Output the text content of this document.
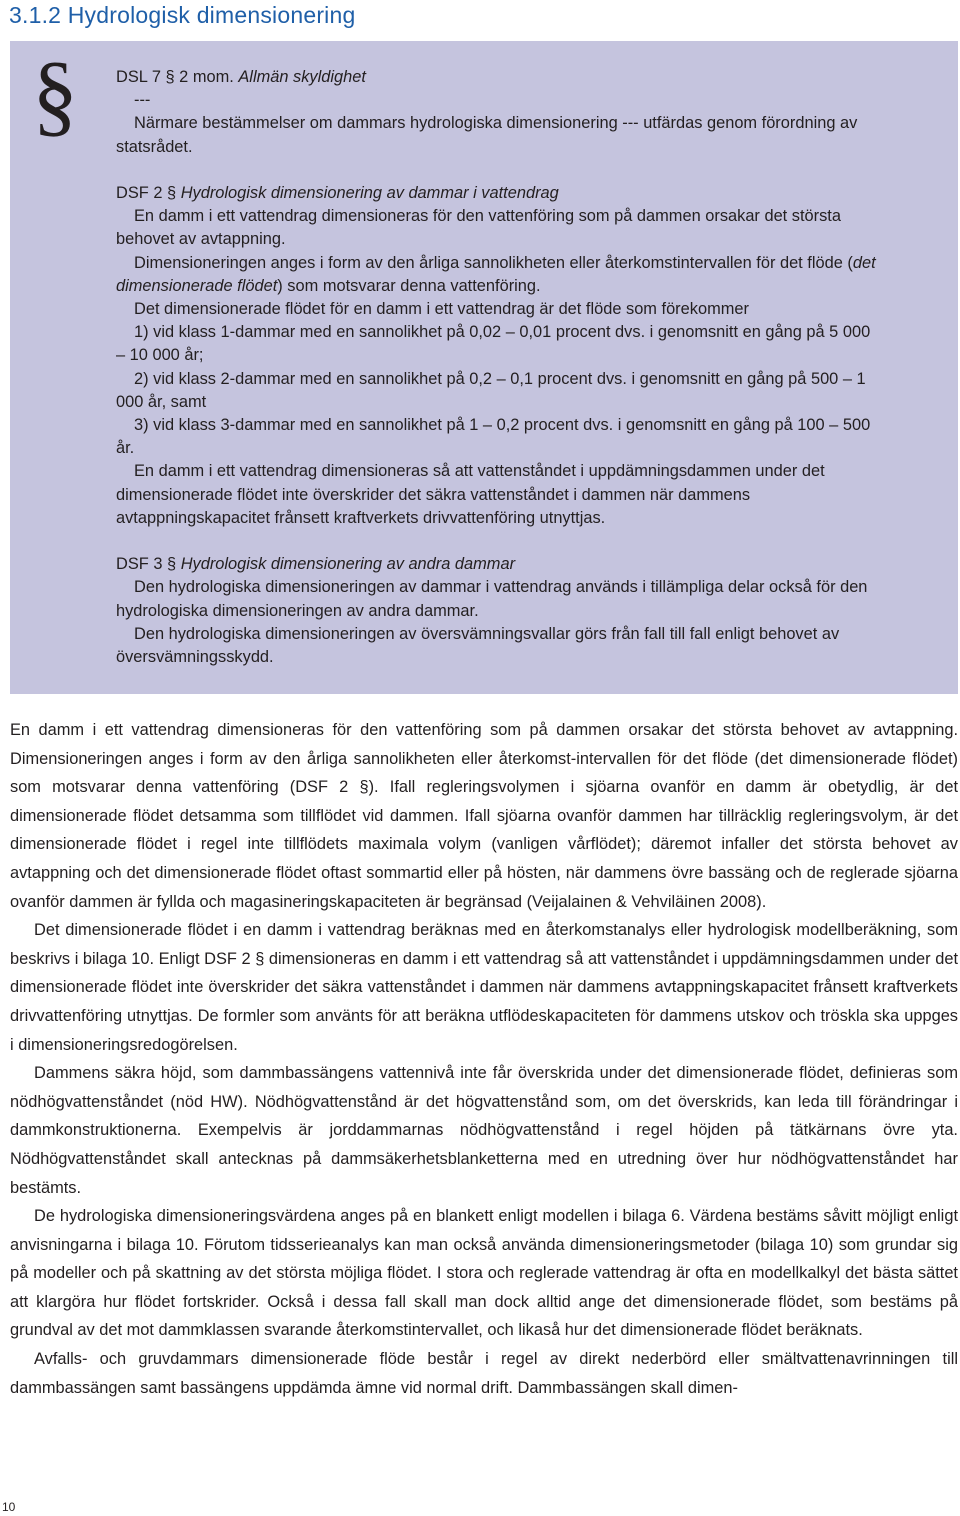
3.1.2 Hydrologisk dimensionering
§ DSL 7 § 2 mom. Allmän skyldighet

---

Närmare bestämmelser om dammars hydrologiska dimensionering --- utfärdas genom förordning av statsrådet.

DSF 2 § Hydrologisk dimensionering av dammar i vattendrag

En damm i ett vattendrag dimensioneras för den vattenföring som på dammen orsakar det största behovet av avtappning.

Dimensioneringen anges i form av den årliga sannolikheten eller återkomstintervallen för det flöde (det dimensionerade flödet) som motsvarar denna vattenföring.

Det dimensionerade flödet för en damm i ett vattendrag är det flöde som förekommer

1) vid klass 1-dammar med en sannolikhet på 0,02 – 0,01 procent dvs. i genomsnitt en gång på 5 000 – 10 000 år;

2) vid klass 2-dammar med en sannolikhet på 0,2 – 0,1 procent dvs. i genomsnitt en gång på 500 – 1 000 år, samt

3) vid klass 3-dammar med en sannolikhet på 1 – 0,2 procent dvs. i genomsnitt en gång på 100 – 500 år.

En damm i ett vattendrag dimensioneras så att vattenståndet i uppdämningsdammen under det dimensionerade flödet inte överskrider det säkra vattenståndet i dammen när dammens avtappningskapacitet frånsett kraftverkets drivvattenföring utnyttjas.

DSF 3 § Hydrologisk dimensionering av andra dammar

Den hydrologiska dimensioneringen av dammar i vattendrag används i tillämpliga delar också för den hydrologiska dimensioneringen av andra dammar.

Den hydrologiska dimensioneringen av översvämningsvallar görs från fall till fall enligt behovet av översvämningsskydd.

En damm i ett vattendrag dimensioneras för den vattenföring som på dammen orsakar det största behovet av avtappning. Dimensioneringen anges i form av den årliga sannolikheten eller återkomst-intervallen för det flöde (det dimensionerade flödet) som motsvarar denna vattenföring (DSF 2 §). Ifall regleringsvolymen i sjöarna ovanför en damm är obetydlig, är det dimensionerade flödet detsamma som tillflödet vid dammen. Ifall sjöarna ovanför dammen har tillräcklig regleringsvolym, är det dimensionerade flödet i regel inte tillflödets maximala volym (vanligen vårflödet); däremot infaller det största behovet av avtappning och det dimensionerade flödet oftast sommartid eller på hösten, när dammens övre bassäng och de reglerade sjöarna ovanför dammen är fyllda och magasineringskapaciteten är begränsad (Veijalainen & Vehviläinen 2008).

Det dimensionerade flödet i en damm i vattendrag beräknas med en återkomstanalys eller hydrologisk modellberäkning, som beskrivs i bilaga 10. Enligt DSF 2 § dimensioneras en damm i ett vattendrag så att vattenståndet i uppdämningsdammen under det dimensionerade flödet inte överskrider det säkra vattenståndet i dammen när dammens avtappningskapacitet frånsett kraftverkets drivvattenföring utnyttjas. De formler som använts för att beräkna utflödeskapaciteten för dammens utskov och tröskla ska uppges i dimensioneringsredogörelsen.

Dammens säkra höjd, som dammbassängens vattennivå inte får överskrida under det dimensionerade flödet, definieras som nödhögvattenståndet (nöd HW). Nödhögvattenstånd är det högvattenstånd som, om det överskrids, kan leda till förändringar i dammkonstruktionerna. Exempelvis är jorddammarnas nödhögvattenstånd i regel höjden på tätkärnans övre yta. Nödhögvattenståndet skall antecknas på dammsäkerhetsblanketterna med en utredning över hur nödhögvattenståndet har bestämts.

De hydrologiska dimensioneringsvärdena anges på en blankett enligt modellen i bilaga 6. Värdena bestäms såvitt möjligt enligt anvisningarna i bilaga 10. Förutom tidsserieanalys kan man också använda dimensioneringsmetoder (bilaga 10) som grundar sig på modeller och på skattning av det största möjliga flödet. I stora och reglerade vattendrag är ofta en modellkalkyl det bästa sättet att klargöra hur flödet fortskrider. Också i dessa fall skall man dock alltid ange det dimensionerade flödet, som bestäms på grundval av det mot dammklassen svarande återkomstintervallet, och likaså hur det dimensionerade flödet beräknats.

Avfalls- och gruvdammars dimensionerade flöde består i regel av direkt nederbörd eller smältvattenavrinningen till dammbassängen samt bassängens uppdämda ämne vid normal drift. Dammbassängen skall dimen-

10
